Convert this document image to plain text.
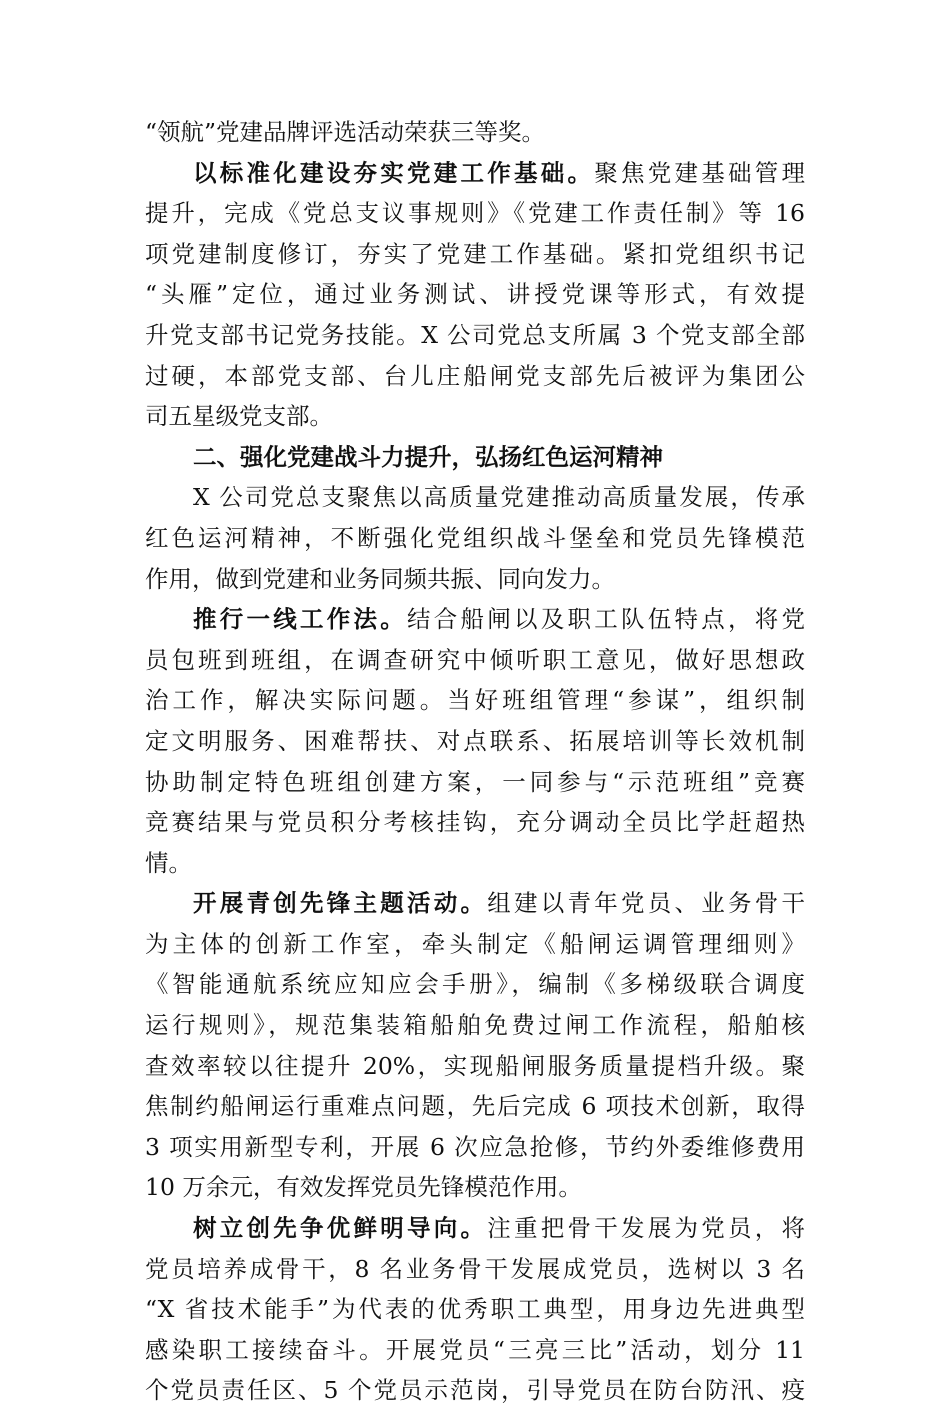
“领航”党建品牌评选活动荣获三等奖。
以标准化建设夯实党建工作基础。聚焦党建基础管理
提升，完成《党总支议事规则》《党建工作责任制》等 16
项党建制度修订，夯实了党建工作基础。紧扣党组织书记
“头雁”定位，通过业务测试、讲授党课等形式，有效提
升党支部书记党务技能。X 公司党总支所属 3 个党支部全部
过硬，本部党支部、台儿庄船闸党支部先后被评为集团公
司五星级党支部。
二、强化党建战斗力提升，弘扬红色运河精神
X 公司党总支聚焦以高质量党建推动高质量发展，传承
红色运河精神，不断强化党组织战斗堡垒和党员先锋模范
作用，做到党建和业务同频共振、同向发力。
推行一线工作法。结合船闸以及职工队伍特点，将党
员包班到班组，在调查研究中倾听职工意见，做好思想政
治工作，解决实际问题。当好班组管理“参谋”，组织制
定文明服务、困难帮扶、对点联系、拓展培训等长效机制
协助制定特色班组创建方案，一同参与“示范班组”竞赛
竞赛结果与党员积分考核挂钩，充分调动全员比学赶超热
情。
开展青创先锋主题活动。组建以青年党员、业务骨干
为主体的创新工作室，牵头制定《船闸运调管理细则》
《智能通航系统应知应会手册》，编制《多梯级联合调度
运行规则》，规范集装箱船舶免费过闸工作流程，船舶核
查效率较以往提升 20%，实现船闸服务质量提档升级。聚
焦制约船闸运行重难点问题，先后完成 6 项技术创新，取得
3 项实用新型专利，开展 6 次应急抢修，节约外委维修费用
10 万余元，有效发挥党员先锋模范作用。
树立创先争优鲜明导向。注重把骨干发展为党员，将
党员培养成骨干，8 名业务骨干发展成党员，选树以 3 名
“X 省技术能手”为代表的优秀职工典型，用身边先进典型
感染职工接续奋斗。开展党员“三亮三比”活动，划分 11
个党员责任区、5 个党员示范岗，引导党员在防台防汛、疫
